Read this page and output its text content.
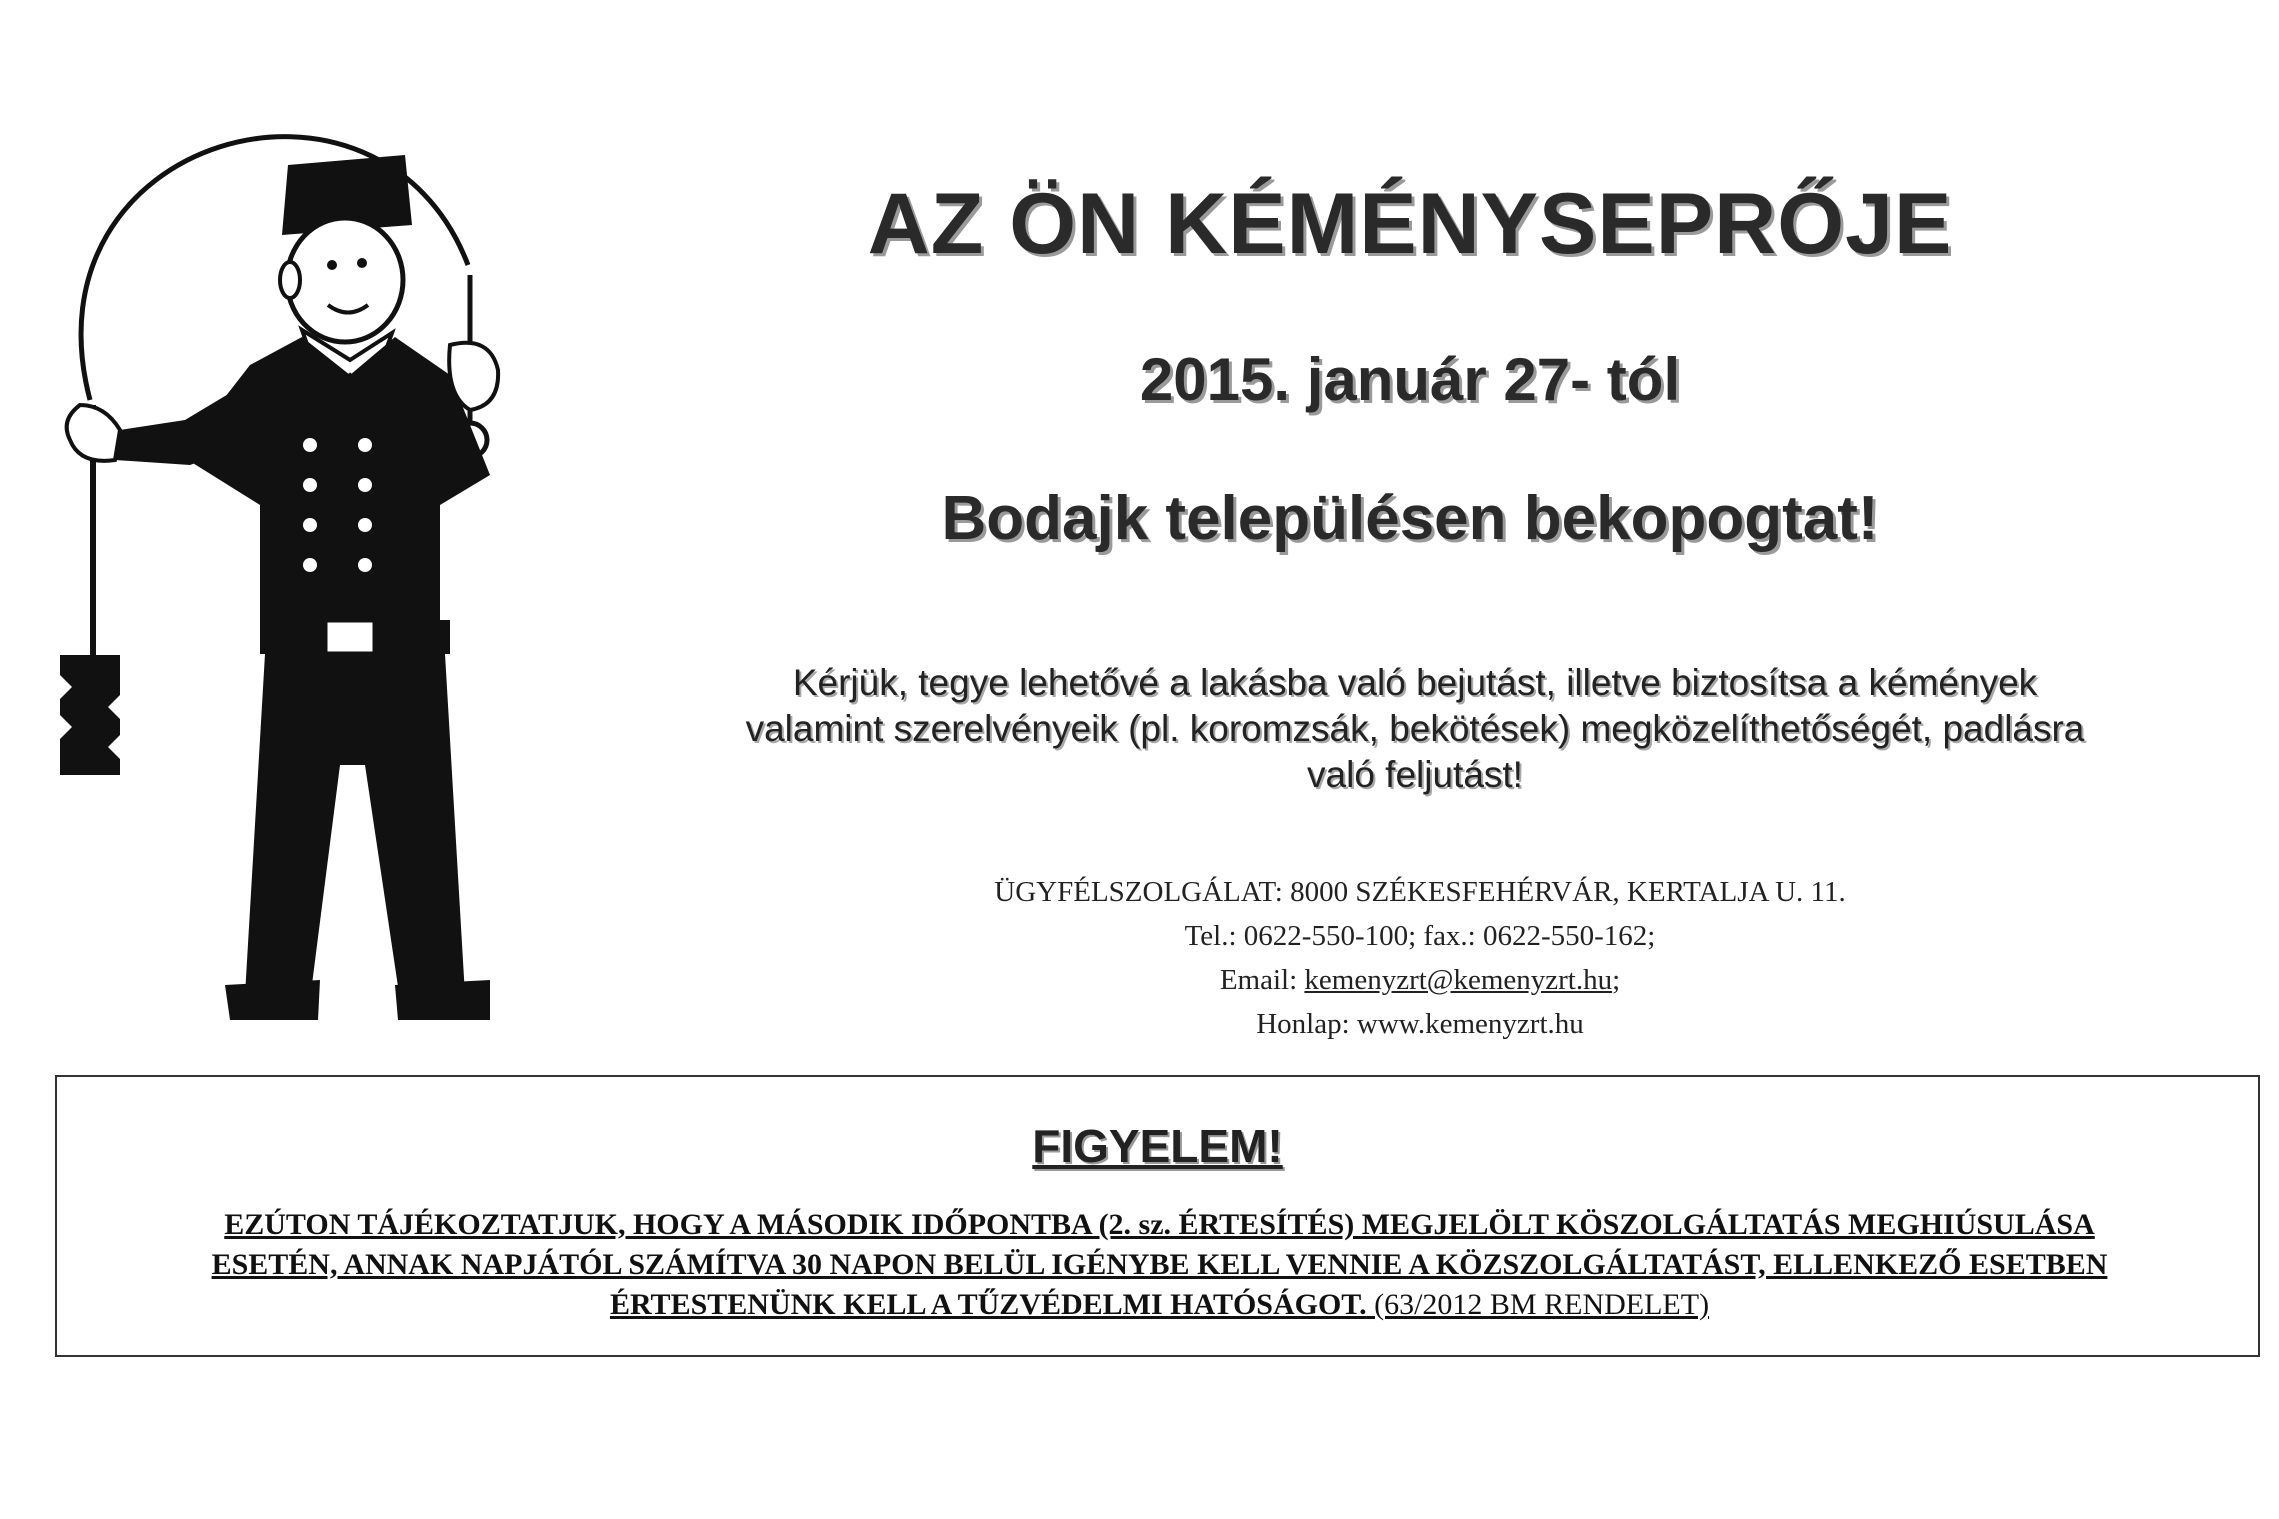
AZ ÖN KÉMÉNYSEPRŐJE
2015. január 27- tól
Bodajk településen bekopogtat!
Kérjük, tegye lehetővé a lakásba való bejutást, illetve biztosítsa a kémények
valamint szerelvényeik (pl. koromzsák, bekötések) megközelíthetőségét, padlásra
való feljutást!
ÜGYFÉLSZOLGÁLAT: 8000 SZÉKESFEHÉRVÁR, KERTALJA U. 11.
Tel.: 0622-550-100; fax.: 0622-550-162;
Email: kemenyzrt@kemenyzrt.hu;
Honlap: www.kemenyzrt.hu
FIGYELEM!
EZÚTON TÁJÉKOZTATJUK, HOGY A MÁSODIK IDŐPONTBA (2. sz. ÉRTESÍTÉS) MEGJELÖLT KÖSZOLGÁLTATÁS MEGHIÚSULÁSA
ESETÉN, ANNAK NAPJÁTÓL SZÁMÍTVA 30 NAPON BELÜL IGÉNYBE KELL VENNIE A KÖZSZOLGÁLTATÁST, ELLENKEZŐ ESETBEN
ÉRTESTENÜNK KELL A TŰZVÉDELMI HATÓSÁGOT. (63/2012 BM RENDELET)
